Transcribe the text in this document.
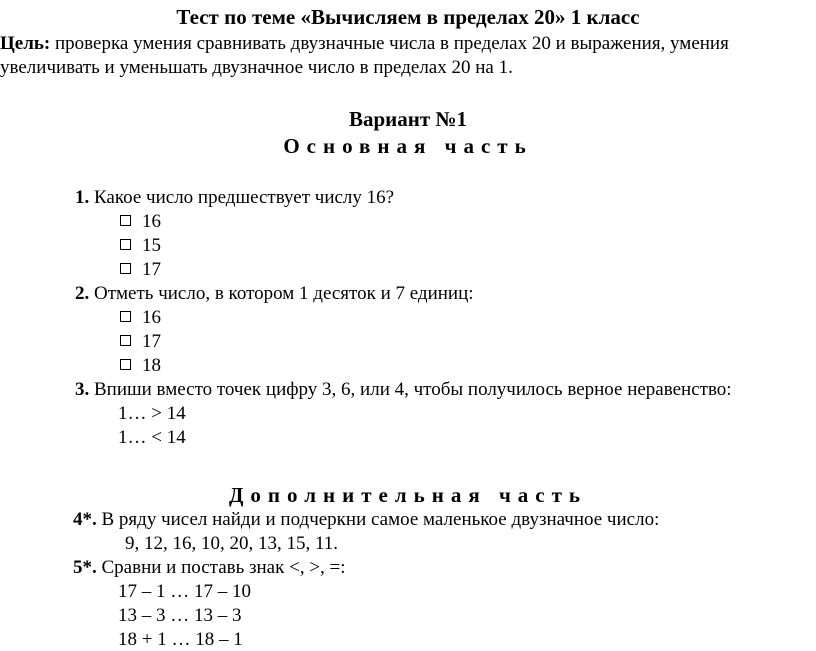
Тест по теме «Вычисляем в пределах 20» 1 класс
Цель: проверка умения сравнивать двузначные числа в пределах 20 и выражения, умения
увеличивать и уменьшать двузначное число в пределах 20 на 1.
Вариант №1
Основная часть
1. Какое число предшествует числу 16?
16
15
17
2. Отметь число, в котором 1 десяток и 7 единиц:
16
17
18
3. Впиши вместо точек цифру 3, 6, или 4, чтобы получилось верное неравенство:
1… > 14
1… < 14
Дополнительная часть
4*. В ряду чисел найди и подчеркни самое маленькое двузначное число:
9, 12, 16, 10, 20, 13, 15, 11.
5*. Сравни и поставь знак <, >, =:
17 – 1 … 17 – 10
13 – 3 … 13 – 3
18 + 1 … 18 – 1
